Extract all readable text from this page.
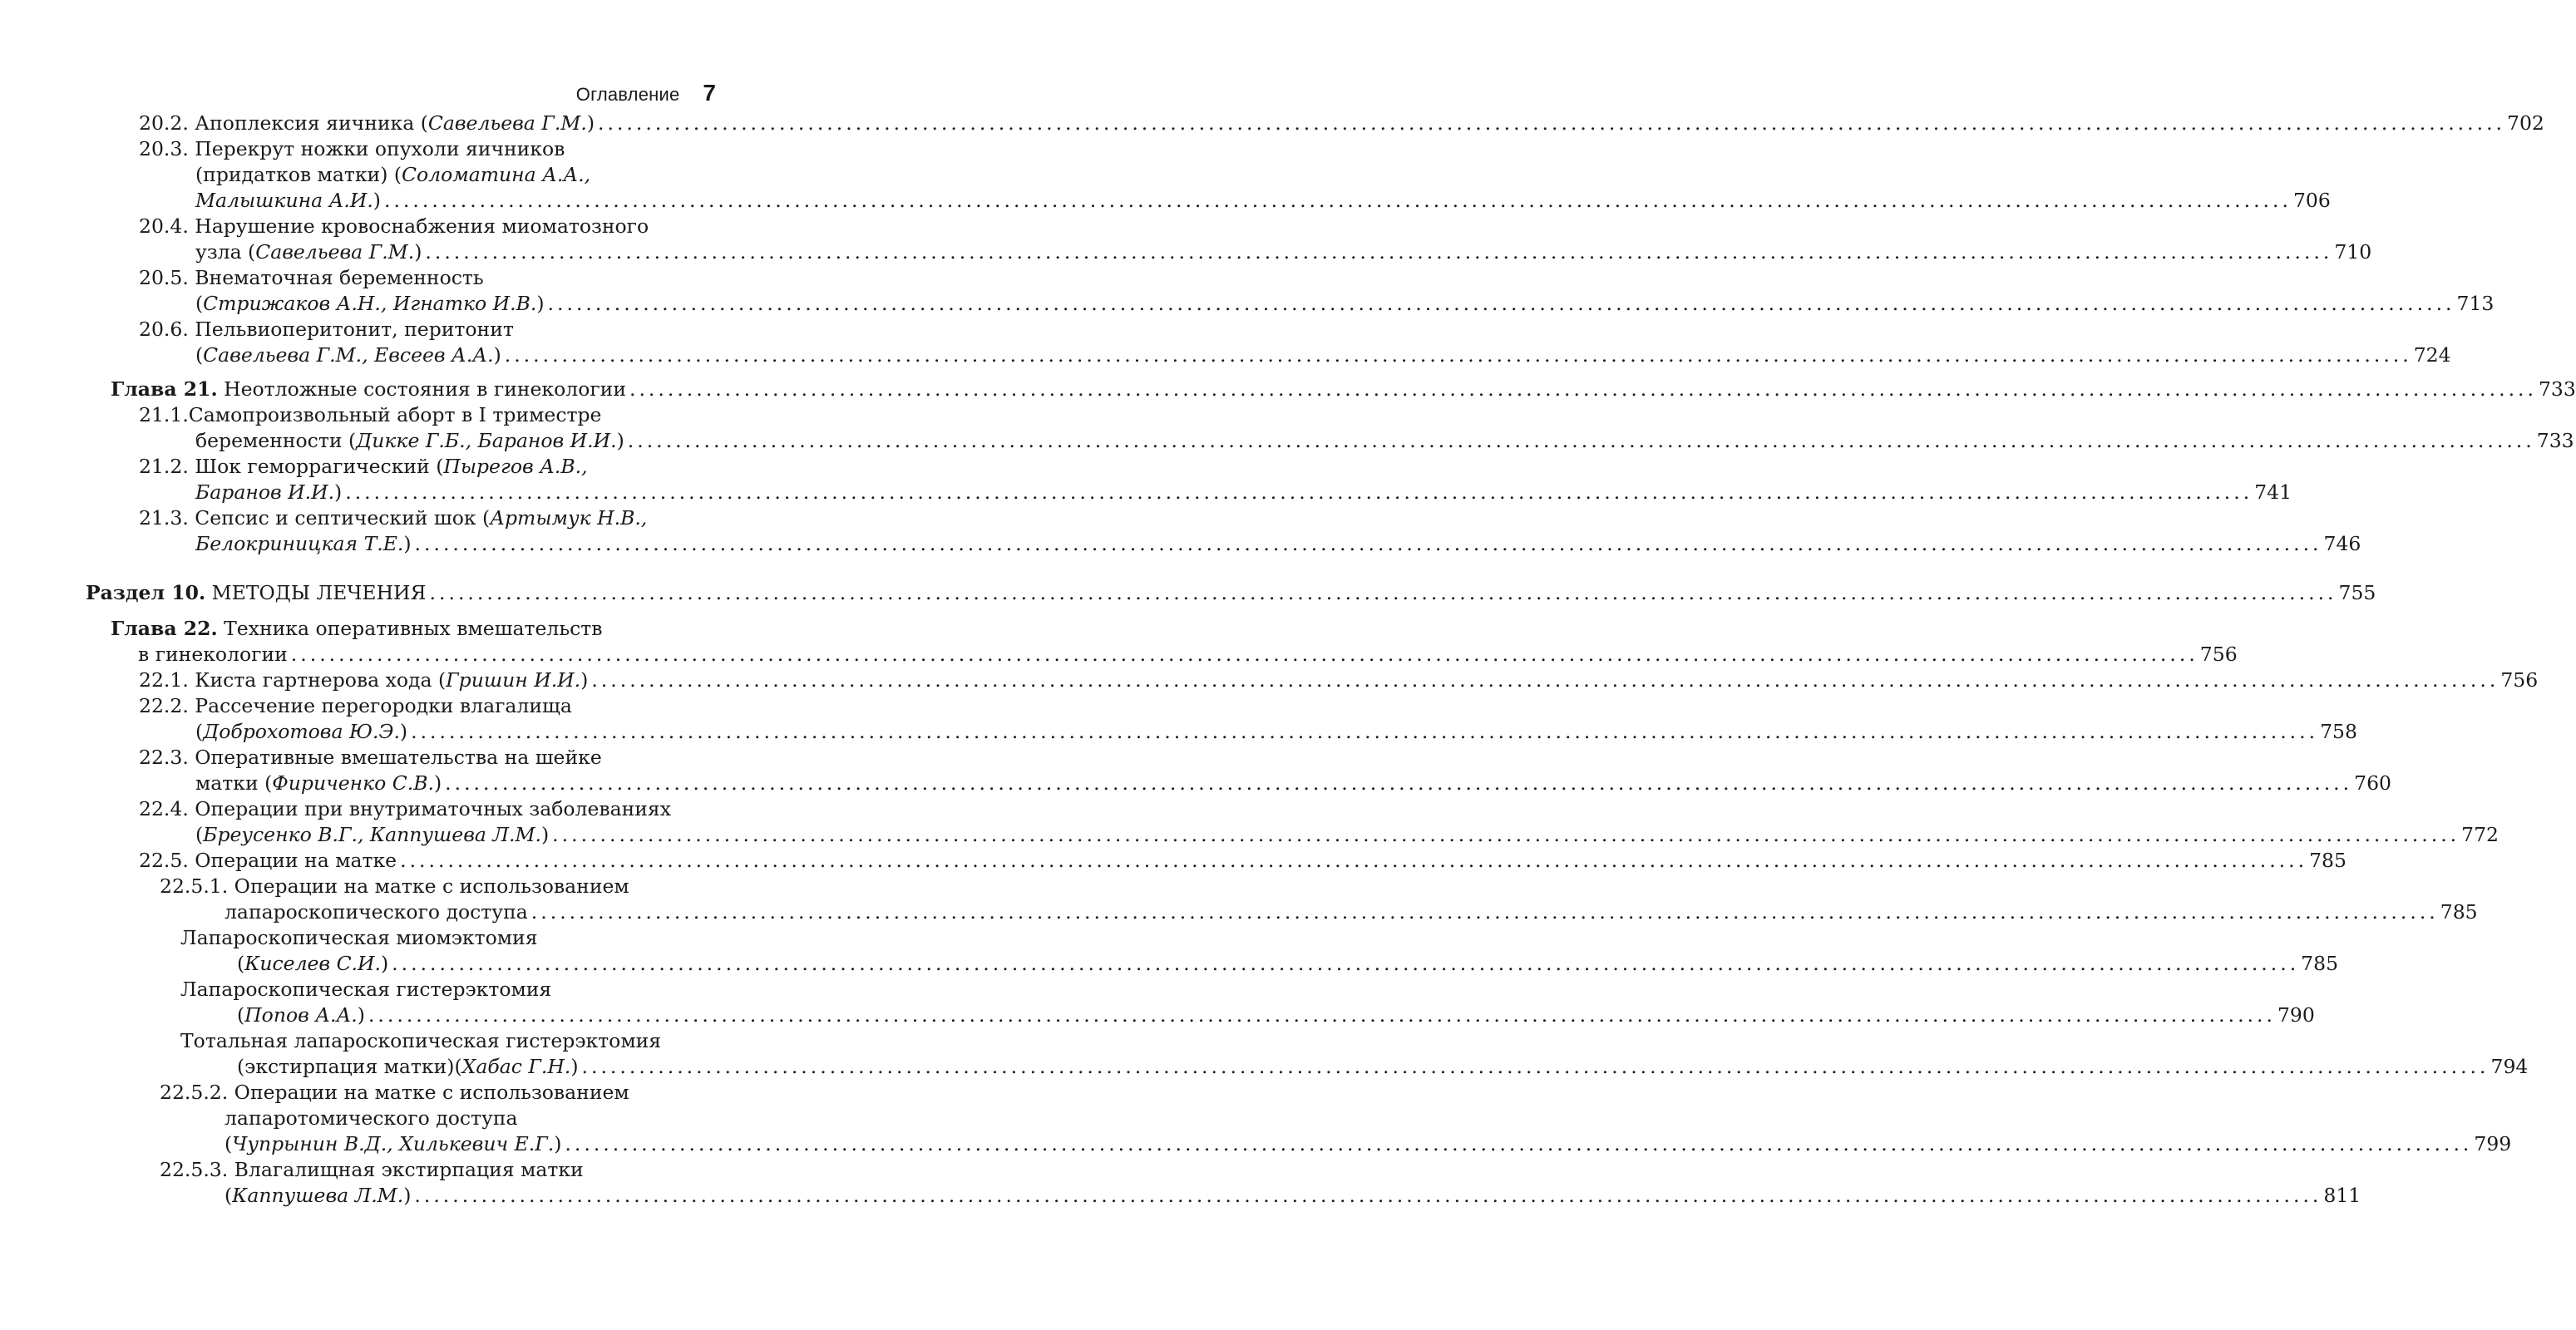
Оглавление 7
20.2. Апоплексия яичника (Савельева Г.М.) ........................................................................................................................................................................................................ 702
20.3. Перекрут ножки опухоли яичников
(придатков матки) (Соломатина А.А.,
Малышкина А.И.) ........................................................................................................................................................................................................ 706
20.4. Нарушение кровоснабжения миоматозного
узла (Савельева Г.М.) ........................................................................................................................................................................................................ 710
20.5. Внематочная беременность
(Стрижаков А.Н., Игнатко И.В.) ........................................................................................................................................................................................................ 713
20.6. Пельвиоперитонит, перитонит
(Савельева Г.М., Евсеев А.А.) ........................................................................................................................................................................................................ 724
Глава 21. Неотложные состояния в гинекологии ........................................................................................................................................................................................................ 733
21.1.Самопроизвольный аборт в I триместре
беременности (Дикке Г.Б., Баранов И.И.) ........................................................................................................................................................................................................ 733
21.2. Шок геморрагический (Пырегов А.В.,
Баранов И.И.) ........................................................................................................................................................................................................ 741
21.3. Сепсис и септический шок (Артымук Н.В.,
Белокриницкая Т.Е.) ........................................................................................................................................................................................................ 746
Раздел 10. МЕТОДЫ ЛЕЧЕНИЯ ........................................................................................................................................................................................................ 755
Глава 22. Техника оперативных вмешательств
в гинекологии ........................................................................................................................................................................................................ 756
22.1. Киста гартнерова хода (Гришин И.И.) ........................................................................................................................................................................................................ 756
22.2. Рассечение перегородки влагалища
(Доброхотова Ю.Э.) ........................................................................................................................................................................................................ 758
22.3. Оперативные вмешательства на шейке
матки (Фириченко С.В.) ........................................................................................................................................................................................................ 760
22.4. Операции при внутриматочных заболеваниях
(Бреусенко В.Г., Каппушева Л.М.) ........................................................................................................................................................................................................ 772
22.5. Операции на матке ........................................................................................................................................................................................................ 785
22.5.1. Операции на матке с использованием
лапароскопического доступа ........................................................................................................................................................................................................ 785
Лапароскопическая миомэктомия
(Киселев С.И.) ........................................................................................................................................................................................................ 785
Лапароскопическая гистерэктомия
(Попов А.А.) ........................................................................................................................................................................................................ 790
Тотальная лапароскопическая гистерэктомия
(экстирпация матки)(Хабас Г.Н.) ........................................................................................................................................................................................................ 794
22.5.2. Операции на матке с использованием
лапаротомического доступа
(Чупрынин В.Д., Хилькевич Е.Г.) ........................................................................................................................................................................................................ 799
22.5.3. Влагалищная экстирпация матки
(Каппушева Л.М.) ........................................................................................................................................................................................................ 811
